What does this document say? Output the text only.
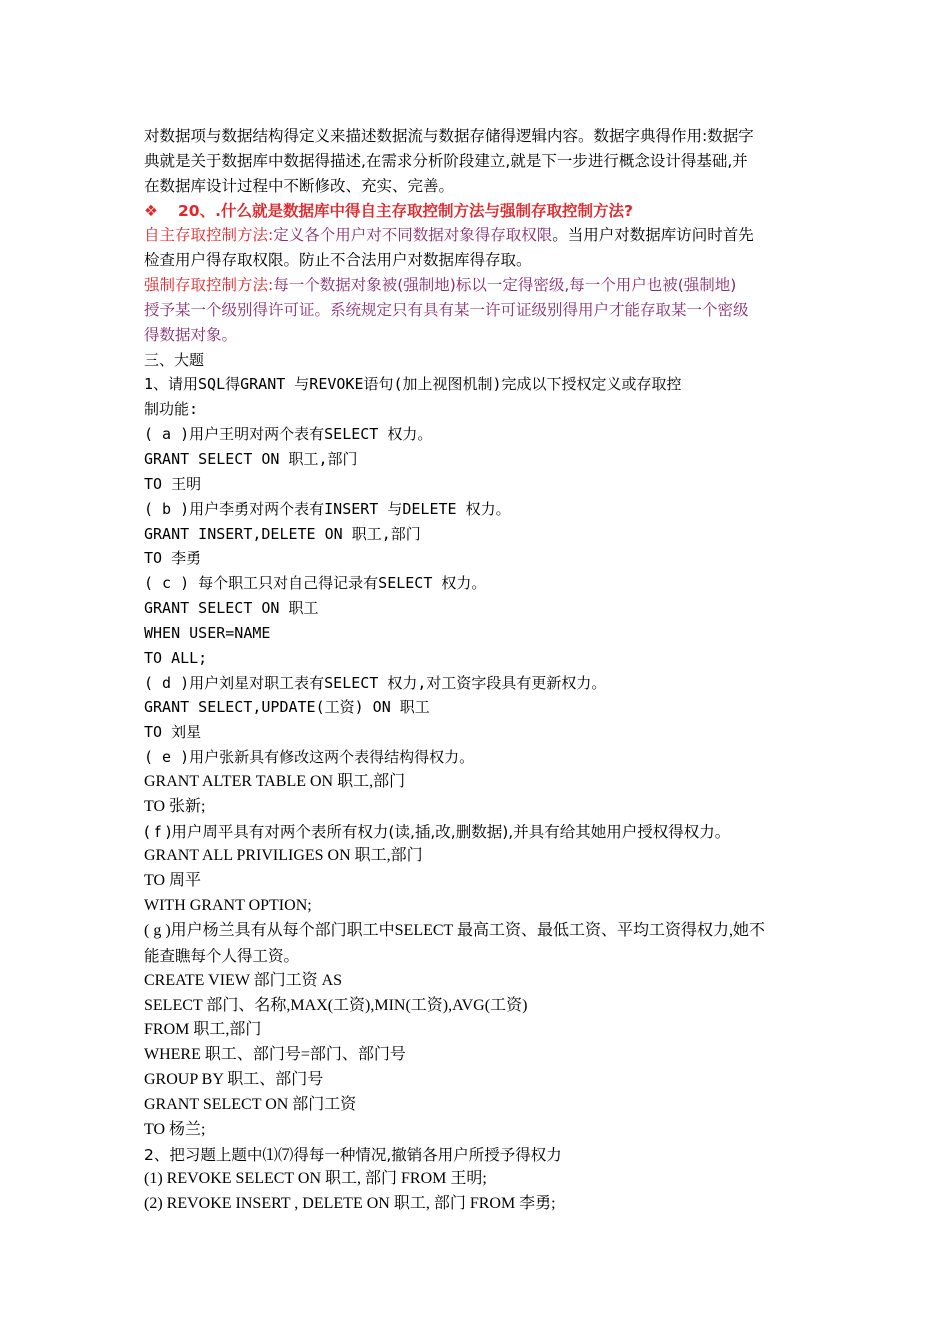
对数据项与数据结构得定义来描述数据流与数据存储得逻辑内容。数据字典得作用:数据字
典就是关于数据库中数据得描述,在需求分析阶段建立,就是下一步进行概念设计得基础,并
在数据库设计过程中不断修改、充实、完善。
❖ 20、.什么就是数据库中得自主存取控制方法与强制存取控制方法?
自主存取控制方法:定义各个用户对不同数据对象得存取权限。当用户对数据库访问时首先
检查用户得存取权限。防止不合法用户对数据库得存取。
强制存取控制方法:每一个数据对象被(强制地)标以一定得密级,每一个用户也被(强制地)
授予某一个级别得许可证。系统规定只有具有某一许可证级别得用户才能存取某一个密级
得数据对象。
三、大题
1、请用SQL得GRANT 与REVOKE语句(加上视图机制)完成以下授权定义或存取控
制功能:
( a )用户王明对两个表有SELECT 权力。
GRANT SELECT ON 职工,部门
TO 王明
( b )用户李勇对两个表有INSERT 与DELETE 权力。
GRANT INSERT,DELETE ON 职工,部门
TO 李勇
( c ) 每个职工只对自己得记录有SELECT 权力。
GRANT SELECT ON 职工
WHEN USER=NAME
TO ALL;
( d )用户刘星对职工表有SELECT 权力,对工资字段具有更新权力。
GRANT SELECT,UPDATE(工资) ON 职工
TO 刘星
( e )用户张新具有修改这两个表得结构得权力。
GRANT ALTER TABLE ON 职工,部门
TO 张新;
( f )用户周平具有对两个表所有权力(读,插,改,删数据),并具有给其她用户授权得权力。
GRANT ALL PRIVILIGES ON 职工,部门
TO 周平
WITH GRANT OPTION;
( g )用户杨兰具有从每个部门职工中SELECT 最高工资、最低工资、平均工资得权力,她不
能查瞧每个人得工资。
CREATE VIEW 部门工资 AS
SELECT 部门、名称,MAX(工资),MIN(工资),AVG(工资)
FROM 职工,部门
WHERE 职工、部门号=部门、部门号
GROUP BY 职工、部门号
GRANT SELECT ON 部门工资
TO 杨兰;
2、把习题上题中⑴⑺得每一种情况,撤销各用户所授予得权力
(1) REVOKE SELECT ON 职工, 部门 FROM 王明;
(2) REVOKE INSERT , DELETE ON 职工, 部门 FROM 李勇;
